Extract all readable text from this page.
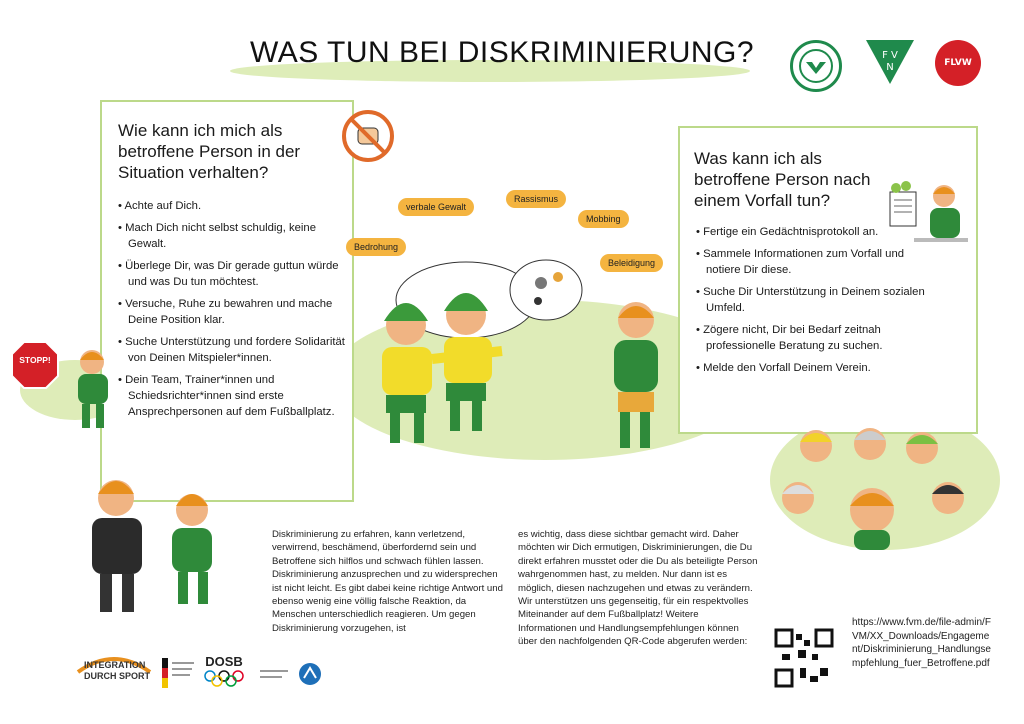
WAS TUN BEI DISKRIMINIERUNG?	F V
N	FLVW
Wie kann ich mich als betroffene Person in der Situation verhalten?
• Achte auf Dich.
• Mach Dich nicht selbst schuldig, keine Gewalt.
• Überlege Dir, was Dir gerade guttun würde und was Du tun möchtest.
• Versuche, Ruhe zu bewahren und mache Deine Position klar.
• Suche Unterstützung und fordere Solidarität von Deinen Mitspieler*innen.
• Dein Team, Trainer*innen und Schiedsrichter*innen sind erste Ansprechpersonen auf dem Fußballplatz.
Was kann ich als betroffene Person nach einem Vorfall tun?
• Fertige ein Gedächtnisprotokoll an.
• Sammele Informationen zum Vorfall und notiere Dir diese.
• Suche Dir Unterstützung in Deinem sozialen Umfeld.
• Zögere nicht, Dir bei Bedarf zeitnah professionelle Beratung zu suchen.
• Melde den Vorfall Deinem Verein.
Bedrohung
verbale Gewalt
Rassismus
Mobbing
Beleidigung
STOPP!
Diskriminierung zu erfahren, kann verletzend, verwirrend, beschämend, überfordernd sein und Betroffene sich hilflos und schwach fühlen lassen. Diskriminierung anzusprechen und zu widersprechen ist nicht leicht. Es gibt dabei keine richtige Antwort und ebenso wenig eine völlig falsche Reaktion, da Menschen unterschiedlich reagieren. Um gegen Diskriminierung vorzugehen, ist
es wichtig, dass diese sichtbar gemacht wird. Daher möchten wir Dich ermutigen, Diskriminierungen, die Du direkt erfahren musstet oder die Du als beteiligte Person wahrgenommen hast, zu melden. Nur dann ist es möglich, diesen nachzugehen und etwas zu verändern. Wir unterstützen uns gegenseitig, für ein respektvolles Miteinander auf dem Fußballplatz! Weitere Informationen und Handlungsempfehlungen können über den nachfolgenden QR-Code abgerufen werden:
https://www.fvm.de/file-admin/FVM/XX_Downloads/Engagement/Diskriminierung_Handlungsempfehlung_fuer_Betroffene.pdf
INTEGRATION
DURCH SPORT
DOSB
